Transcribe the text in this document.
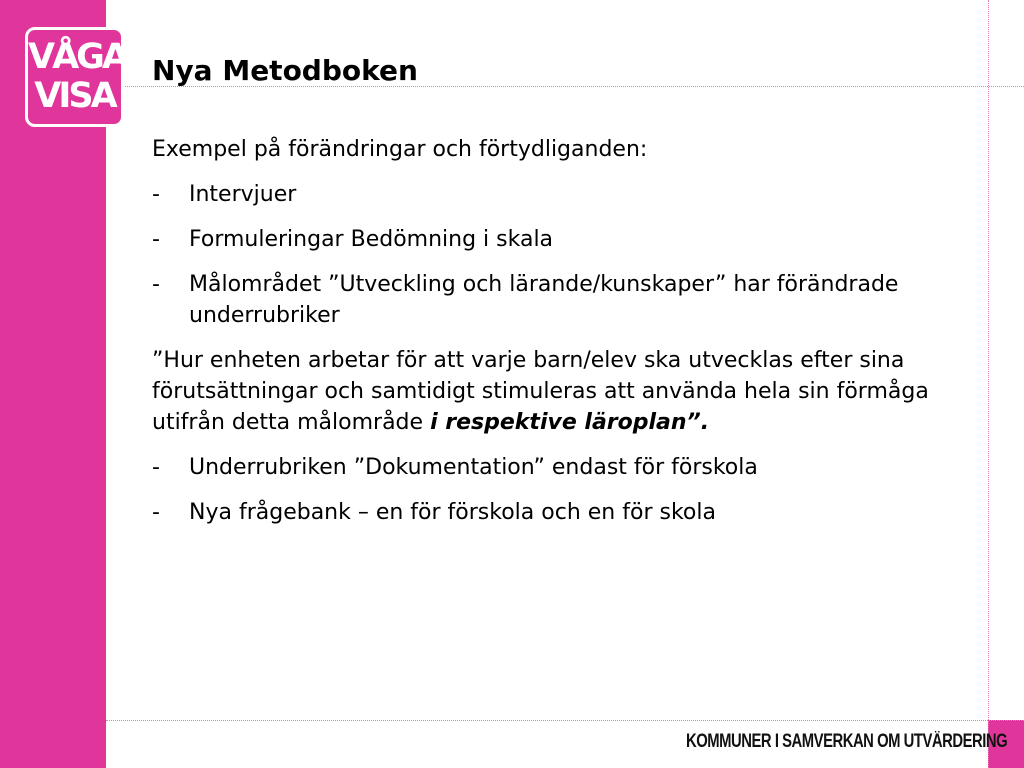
VÅGA
VISA
Nya Metodboken

Exempel på förändringar och förtydliganden:

-	Intervjuer
-	Formuleringar Bedömning i skala
-	Målområdet ”Utveckling och lärande/kunskaper” har förändrade underrubriker

”Hur enheten arbetar för att varje barn/elev ska utvecklas efter sina förutsättningar och samtidigt stimuleras att använda hela sin förmåga utifrån detta målområde i respektive läroplan”.

-	Underrubriken ”Dokumentation” endast för förskola
-	Nya frågebank – en för förskola och en för skola
KOMMUNER I SAMVERKAN OM UTVÄRDERING
